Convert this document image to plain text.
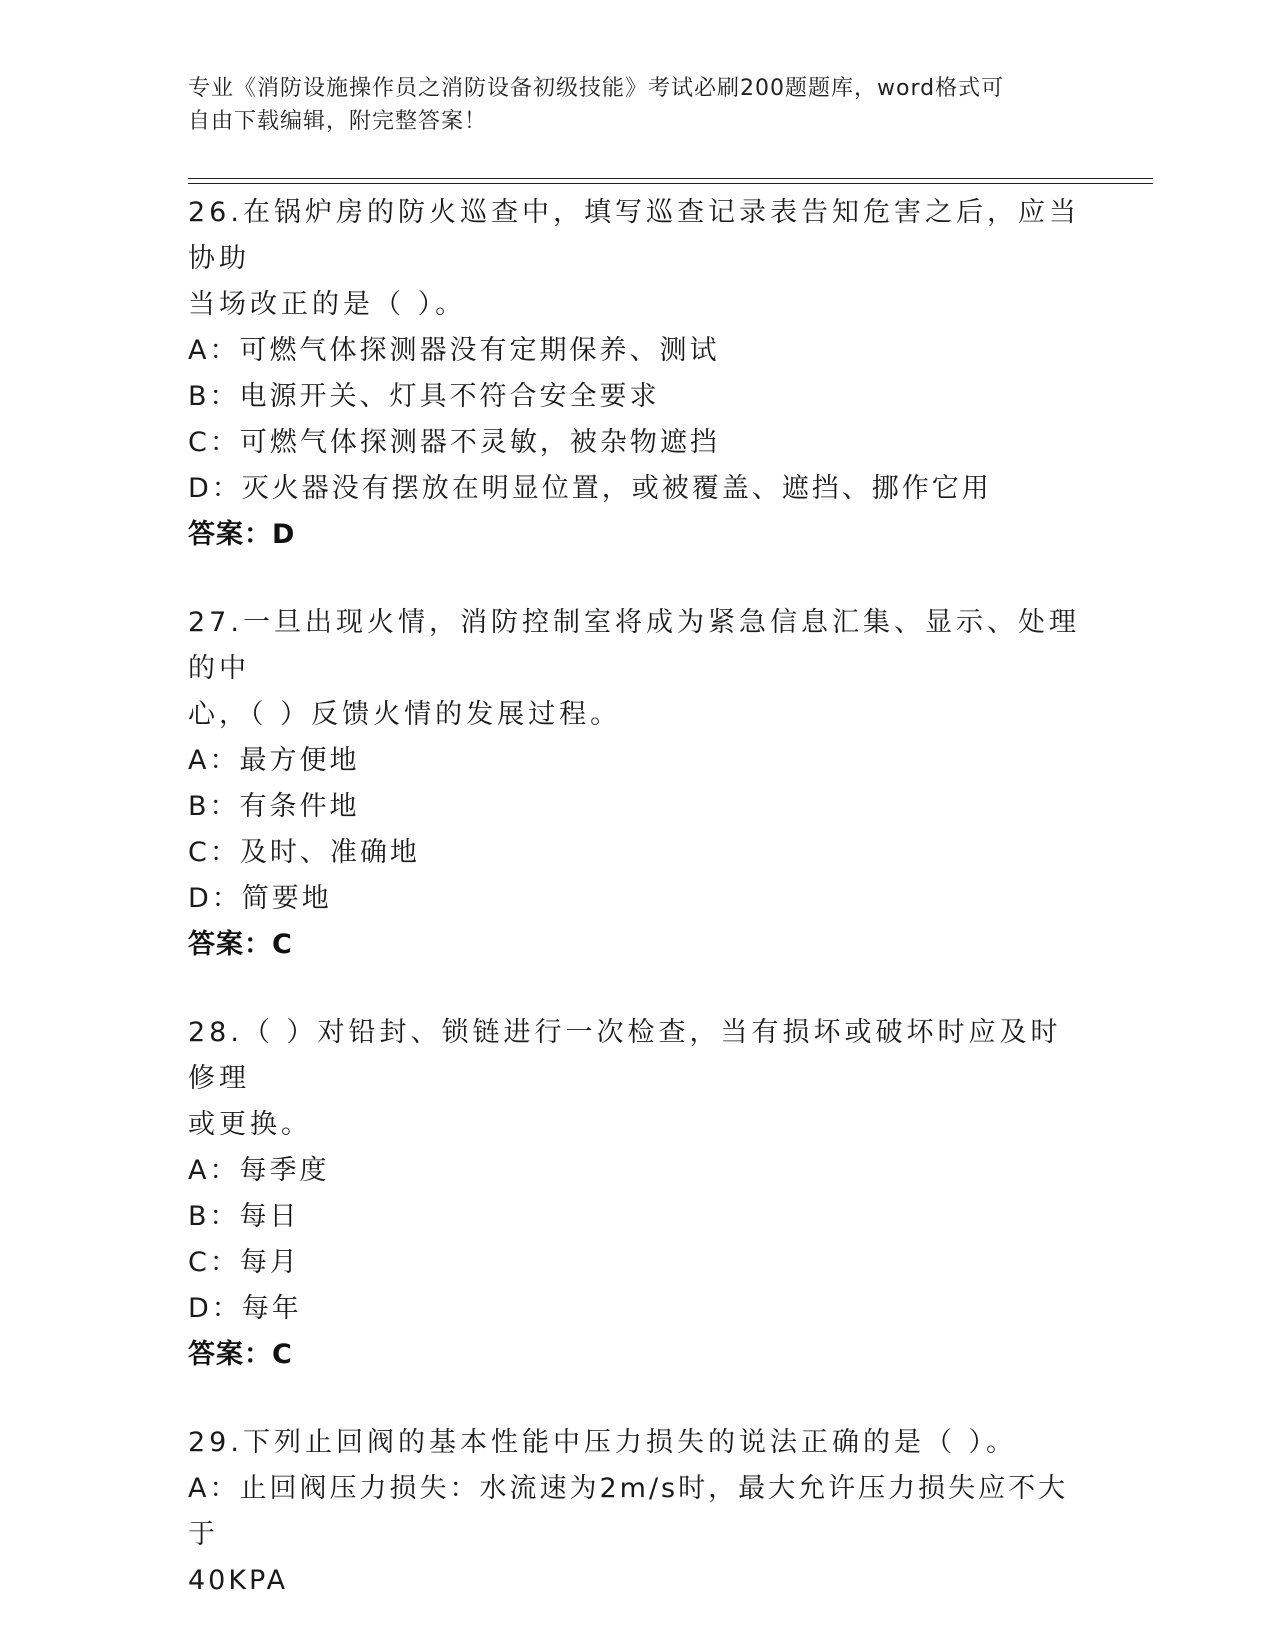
专业《消防设施操作员之消防设备初级技能》考试必刷200题题库，word格式可
自由下载编辑，附完整答案！
26.在锅炉房的防火巡查中，填写巡查记录表告知危害之后，应当协助
当场改正的是（ ）。
A：可燃气体探测器没有定期保养、测试
B：电源开关、灯具不符合安全要求
C：可燃气体探测器不灵敏，被杂物遮挡
D：灭火器没有摆放在明显位置，或被覆盖、遮挡、挪作它用
答案：D
27.一旦出现火情，消防控制室将成为紧急信息汇集、显示、处理的中
心，（ ）反馈火情的发展过程。
A：最方便地
B：有条件地
C：及时、准确地
D：简要地
答案：C
28.（ ）对铅封、锁链进行一次检查，当有损坏或破坏时应及时修理
或更换。
A：每季度
B：每日
C：每月
D：每年
答案：C
29.下列止回阀的基本性能中压力损失的说法正确的是（ ）。
A：止回阀压力损失：水流速为2m/s时，最大允许压力损失应不大于
40KPA
